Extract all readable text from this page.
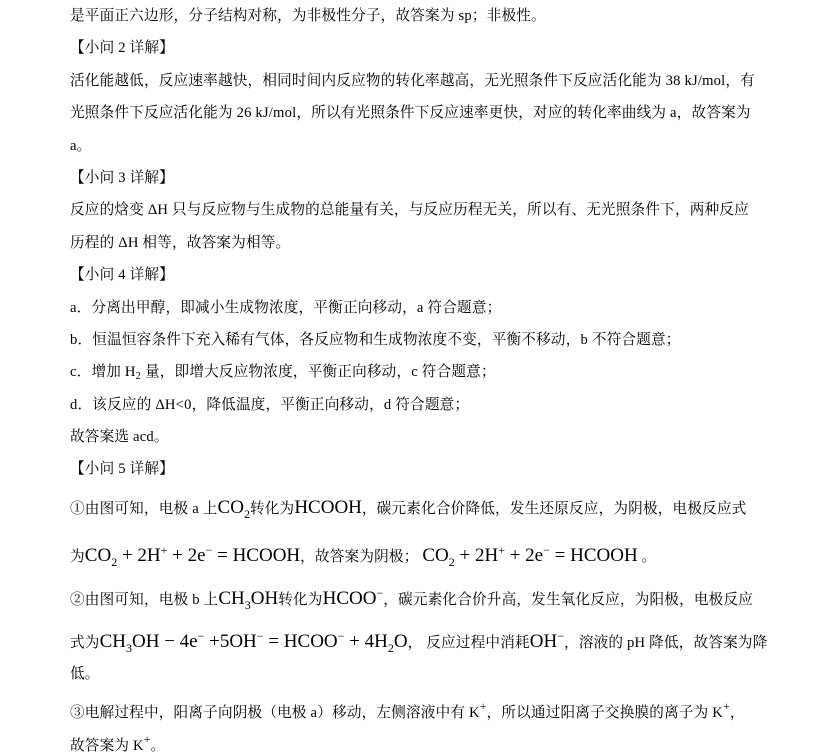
是平面正六边形，分子结构对称，为非极性分子，故答案为 sp；非极性。
【小问 2 详解】
活化能越低，反应速率越快，相同时间内反应物的转化率越高，无光照条件下反应活化能为 38 kJ/mol，有
光照条件下反应活化能为 26 kJ/mol，所以有光照条件下反应速率更快，对应的转化率曲线为 a，故答案为
a。
【小问 3 详解】
反应的焓变 ΔH 只与反应物与生成物的总能量有关，与反应历程无关，所以有、无光照条件下，两种反应
历程的 ΔH 相等，故答案为相等。
【小问 4 详解】
a．分离出甲醇，即减小生成物浓度，平衡正向移动，a 符合题意；
b．恒温恒容条件下充入稀有气体，各反应物和生成物浓度不变，平衡不移动，b 不符合题意；
c．增加 $H_2$ 量，即增大反应物浓度，平衡正向移动，c 符合题意；
d．该反应的 ΔH<0，降低温度，平衡正向移动，d 符合题意；
故答案选 acd。
【小问 5 详解】
①由图可知，电极 a 上$CO_2$转化为HCOOH，碳元素化合价降低，发生还原反应，为阴极，电极反应式
为$CO_2 + 2H^+ + 2e^-$ = HCOOH，故答案为阴极； $CO_2 + 2H^+ + 2e^-$ = HCOOH 。
②由图可知，电极 b 上$CH_3OH$转化为HCOO−，碳元素化合价升高，发生氧化反应，为阳极，电极反应
式为$CH_3OH - 4e^- +5OH^-$ = HCOO− + $4H_2O$， 反应过程中消耗OH−，溶液的 pH 降低，故答案为降
低。
③电解过程中，阳离子向阴极（电极 a）移动，左侧溶液中有 K+，所以通过阳离子交换膜的离子为 K+，
故答案为 K+。
